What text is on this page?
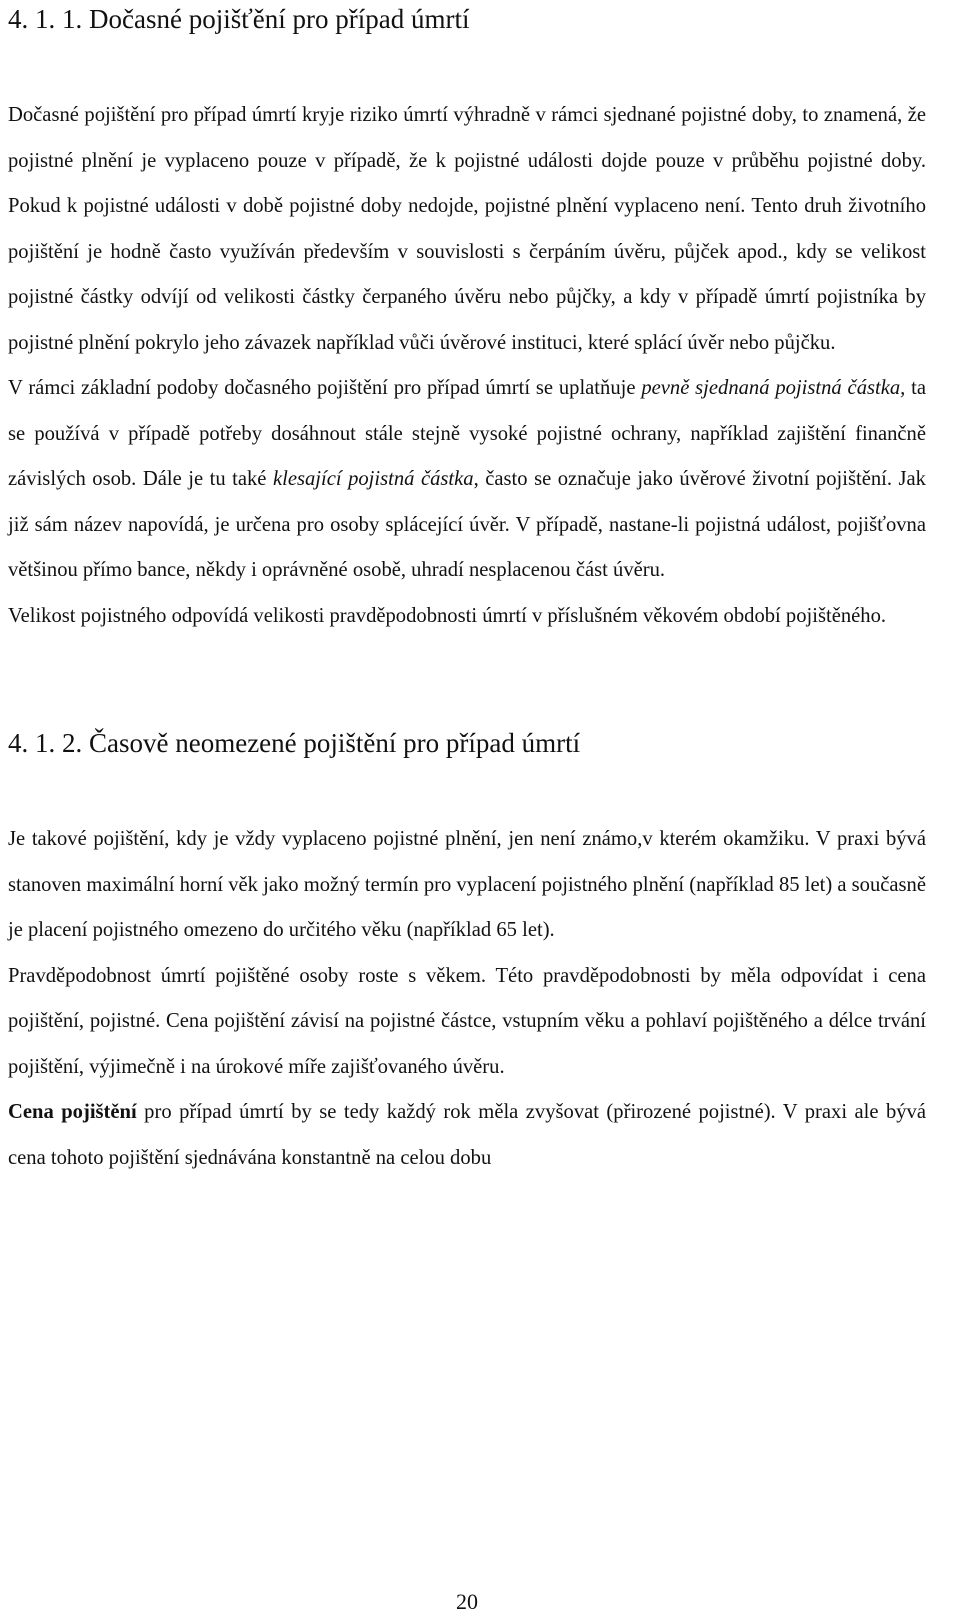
4. 1. 1. Dočasné pojišťění pro případ úmrtí

Dočasné pojištění pro případ úmrtí kryje riziko úmrtí výhradně v rámci sjednané pojistné doby, to znamená, že pojistné plnění je vyplaceno pouze v případě, že k pojistné události dojde pouze v průběhu pojistné doby. Pokud k pojistné události v době pojistné doby nedojde, pojistné plnění vyplaceno není. Tento druh životního pojištění je hodně často využíván především v souvislosti s čerpáním úvěru, půjček apod., kdy se velikost pojistné částky odvíjí od velikosti částky čerpaného úvěru nebo půjčky, a kdy v případě úmrtí pojistníka by pojistné plnění pokrylo jeho závazek například vůči úvěrové instituci, které splácí úvěr nebo půjčku.

V rámci základní podoby dočasného pojištění pro případ úmrtí se uplatňuje pevně sjednaná pojistná částka, ta se používá v případě potřeby dosáhnout stále stejně vysoké pojistné ochrany, například zajištění finančně závislých osob. Dále je tu také klesající pojistná částka, často se označuje jako úvěrové životní pojištění. Jak již sám název napovídá, je určena pro osoby splácející úvěr. V případě, nastane-li pojistná událost, pojišťovna většinou přímo bance, někdy i oprávněné osobě, uhradí nesplacenou část úvěru.

Velikost pojistného odpovídá velikosti pravděpodobnosti úmrtí v příslušném věkovém období pojištěného.

4. 1. 2. Časově neomezené pojištění pro případ úmrtí

Je takové pojištění, kdy je vždy vyplaceno pojistné plnění, jen není známo,v kterém okamžiku. V praxi bývá stanoven maximální horní věk jako možný termín pro vyplacení pojistného plnění (například 85 let) a současně je placení pojistného omezeno do určitého věku (například 65 let).

Pravděpodobnost úmrtí pojištěné osoby roste s věkem. Této pravděpodobnosti by měla odpovídat i cena pojištění, pojistné. Cena pojištění závisí na pojistné částce, vstupním věku a pohlaví pojištěného a délce trvání pojištění, výjimečně i na úrokové míře zajišťovaného úvěru.

Cena pojištění pro případ úmrtí by se tedy každý rok měla zvyšovat (přirozené pojistné). V praxi ale bývá cena tohoto pojištění sjednávána konstantně na celou dobu

20
